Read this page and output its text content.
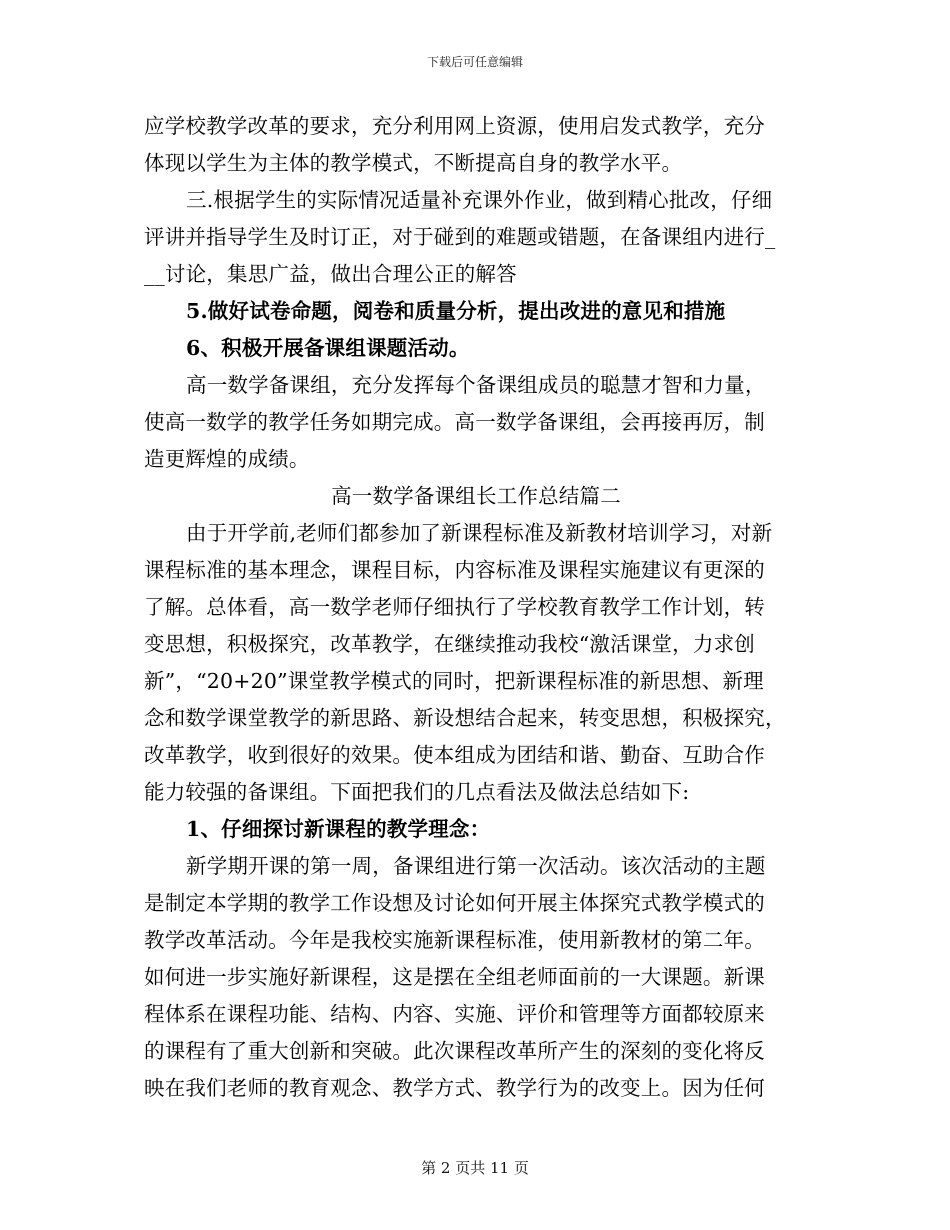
下载后可任意编辑
应学校教学改革的要求，充分利用网上资源，使用启发式教学，充分
体现以学生为主体的教学模式，不断提高自身的教学水平。
三.根据学生的实际情况适量补充课外作业，做到精心批改，仔细
评讲并指导学生及时订正，对于碰到的难题或错题，在备课组内进行_
__讨论，集思广益，做出合理公正的解答
5.做好试卷命题，阅卷和质量分析，提出改进的意见和措施
6、积极开展备课组课题活动。
高一数学备课组，充分发挥每个备课组成员的聪慧才智和力量，
使高一数学的教学任务如期完成。高一数学备课组，会再接再厉，制
造更辉煌的成绩。
高一数学备课组长工作总结篇二
由于开学前,老师们都参加了新课程标准及新教材培训学习，对新
课程标准的基本理念，课程目标，内容标准及课程实施建议有更深的
了解。总体看，高一数学老师仔细执行了学校教育教学工作计划，转
变思想，积极探究，改革教学，在继续推动我校“激活课堂，力求创
新”，“20+20”课堂教学模式的同时，把新课程标准的新思想、新理
念和数学课堂教学的新思路、新设想结合起来，转变思想，积极探究，
改革教学，收到很好的效果。使本组成为团结和谐、勤奋、互助合作
能力较强的备课组。下面把我们的几点看法及做法总结如下:
1、仔细探讨新课程的教学理念：
新学期开课的第一周，备课组进行第一次活动。该次活动的主题
是制定本学期的教学工作设想及讨论如何开展主体探究式教学模式的
教学改革活动。今年是我校实施新课程标准，使用新教材的第二年。
如何进一步实施好新课程，这是摆在全组老师面前的一大课题。新课
程体系在课程功能、结构、内容、实施、评价和管理等方面都较原来
的课程有了重大创新和突破。此次课程改革所产生的深刻的变化将反
映在我们老师的教育观念、教学方式、教学行为的改变上。因为任何
第 2 页共 11 页
